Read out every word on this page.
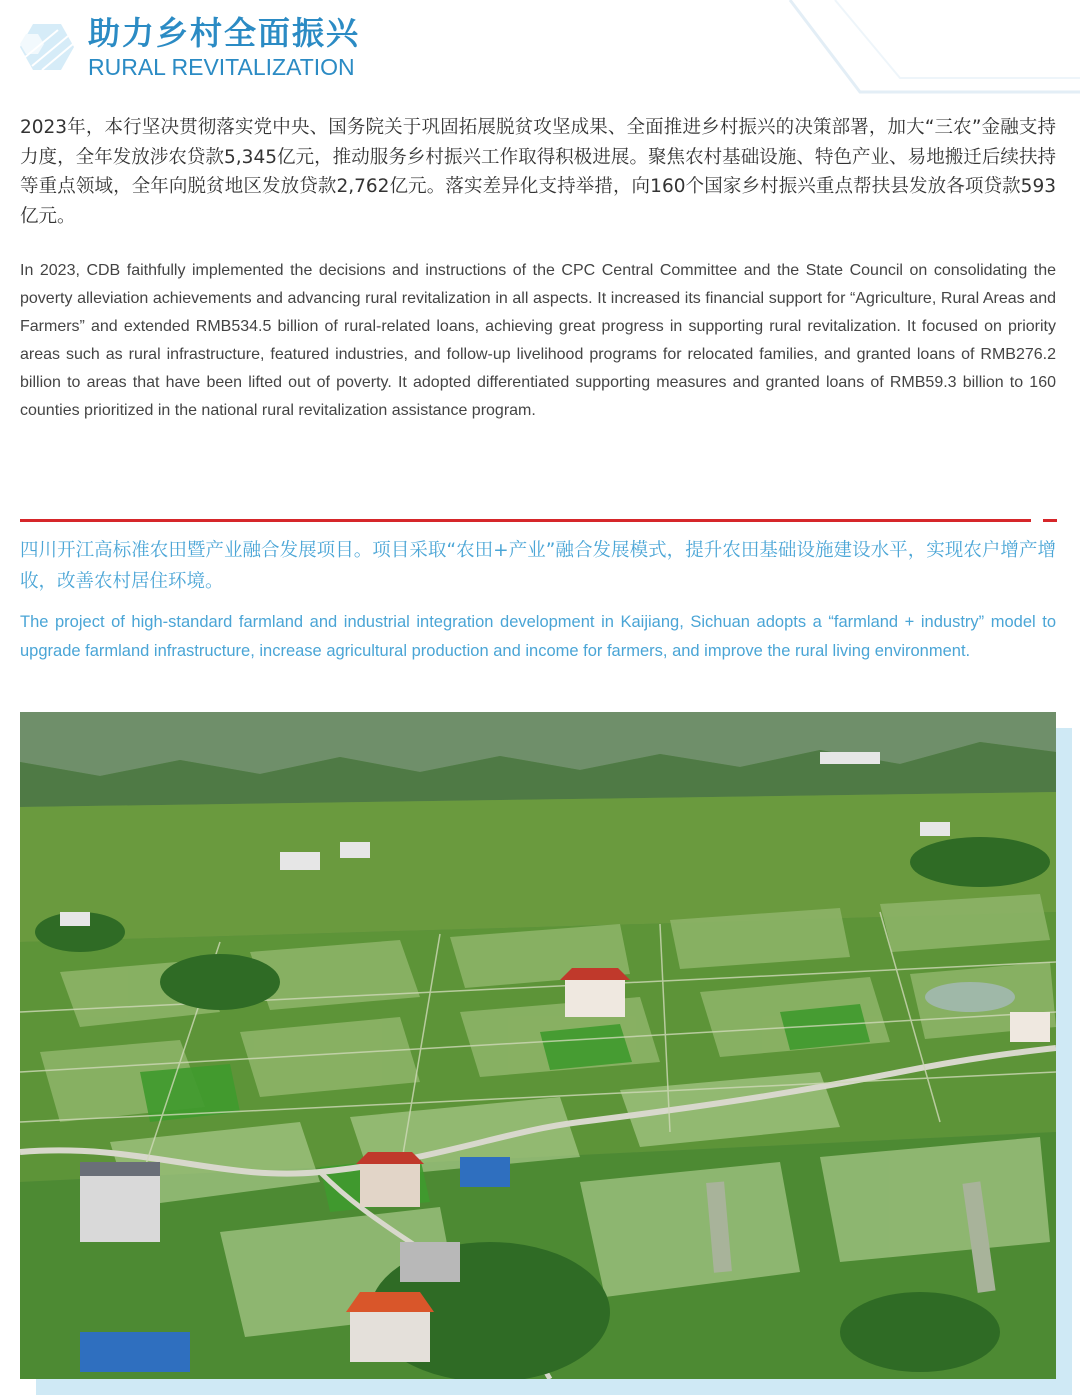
助力乡村全面振兴
RURAL REVITALIZATION

2023年，本行坚决贯彻落实党中央、国务院关于巩固拓展脱贫攻坚成果、全面推进乡村振兴的决策部署，加大“三农”金融支持力度，全年发放涉农贷款5,345亿元，推动服务乡村振兴工作取得积极进展。聚焦农村基础设施、特色产业、易地搬迁后续扶持等重点领域，全年向脱贫地区发放贷款2,762亿元。落实差异化支持举措，向160个国家乡村振兴重点帮扶县发放各项贷款593亿元。

In 2023, CDB faithfully implemented the decisions and instructions of the CPC Central Committee and the State Council on consolidating the poverty alleviation achievements and advancing rural revitalization in all aspects. It increased its financial support for “Agriculture, Rural Areas and Farmers” and extended RMB534.5 billion of rural-related loans, achieving great progress in supporting rural revitalization. It focused on priority areas such as rural infrastructure, featured industries, and follow-up livelihood programs for relocated families, and granted loans of RMB276.2 billion to areas that have been lifted out of poverty. It adopted differentiated supporting measures and granted loans of RMB59.3 billion to 160 counties prioritized in the national rural revitalization assistance program.

四川开江高标准农田暨产业融合发展项目。项目采取“农田+产业”融合发展模式，提升农田基础设施建设水平，实现农户增产增收，改善农村居住环境。

The project of high-standard farmland and industrial integration development in Kaijiang, Sichuan adopts a “farmland + industry” model to upgrade farmland infrastructure, increase agricultural production and income for farmers, and improve the rural living environment.
